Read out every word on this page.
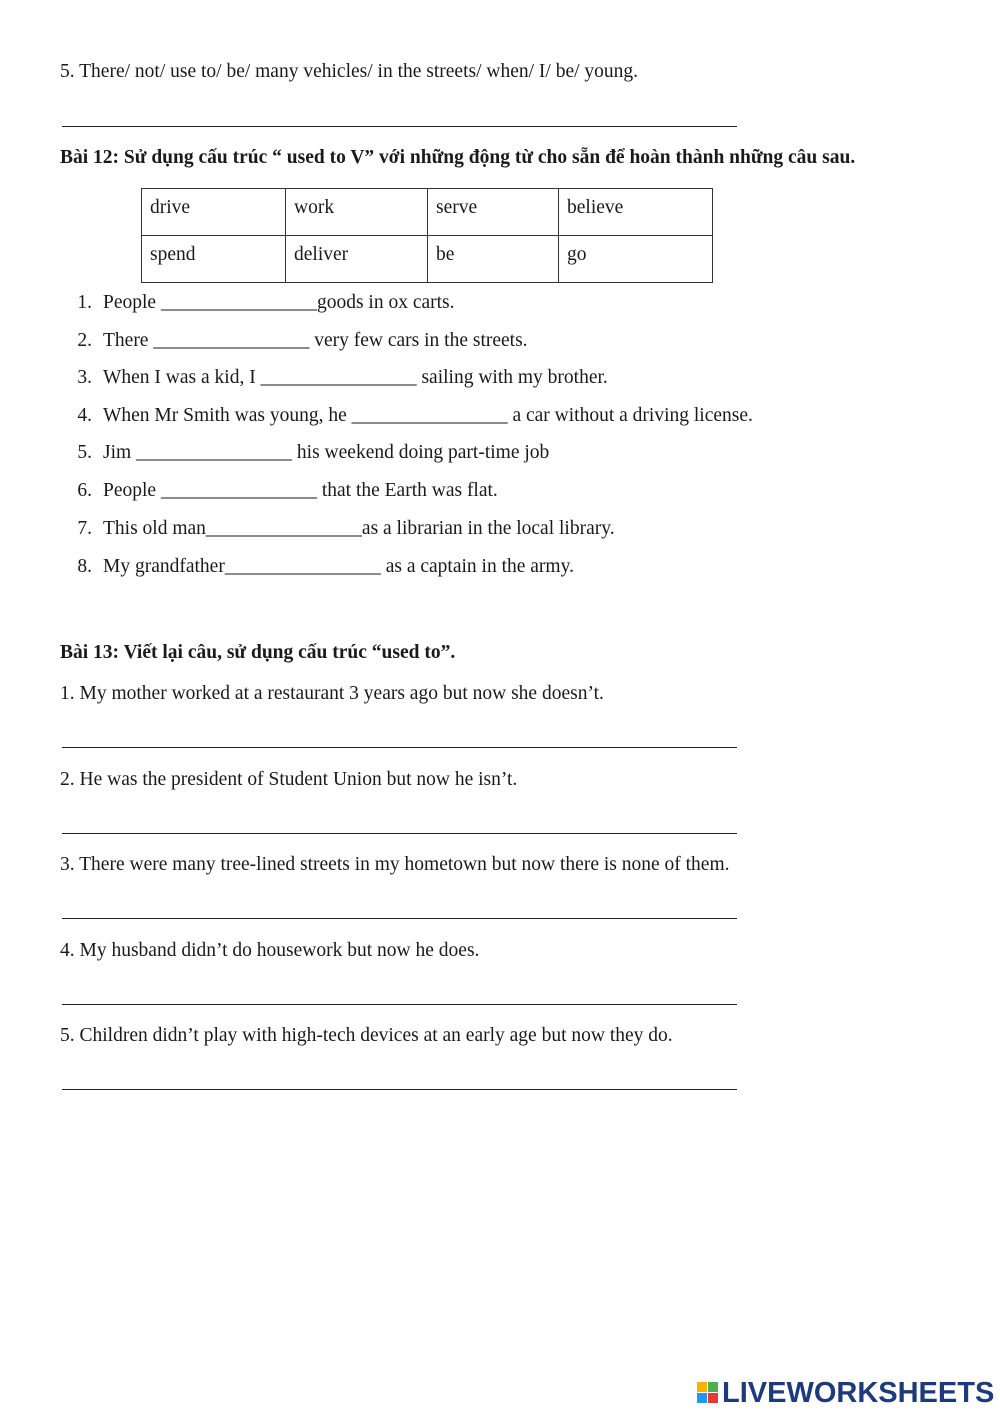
5. There/ not/ use to/ be/ many vehicles/ in the streets/ when/ I/ be/ young.
Bài 12: Sử dụng cấu trúc “ used to V” với những động từ cho sẵn để hoàn thành những câu sau.
drive	work	serve	believe
spend	deliver	be	go
1. People ________________goods in ox carts.
2. There ________________ very few cars in the streets.
3. When I was a kid, I ________________ sailing with my brother.
4. When Mr Smith was young, he ________________ a car without a driving license.
5. Jim ________________ his weekend doing part-time job
6. People ________________ that the Earth was flat.
7. This old man________________as a librarian in the local library.
8. My grandfather________________ as a captain in the army.
Bài 13: Viết lại câu, sử dụng cấu trúc “used to”.
1. My mother worked at a restaurant 3 years ago but now she doesn’t.
2. He was the president of Student Union but now he isn’t.
3. There were many tree-lined streets in my hometown but now there is none of them.
4. My husband didn’t do housework but now he does.
5. Children didn’t play with high-tech devices at an early age but now they do.
LIVEWORKSHEETS
